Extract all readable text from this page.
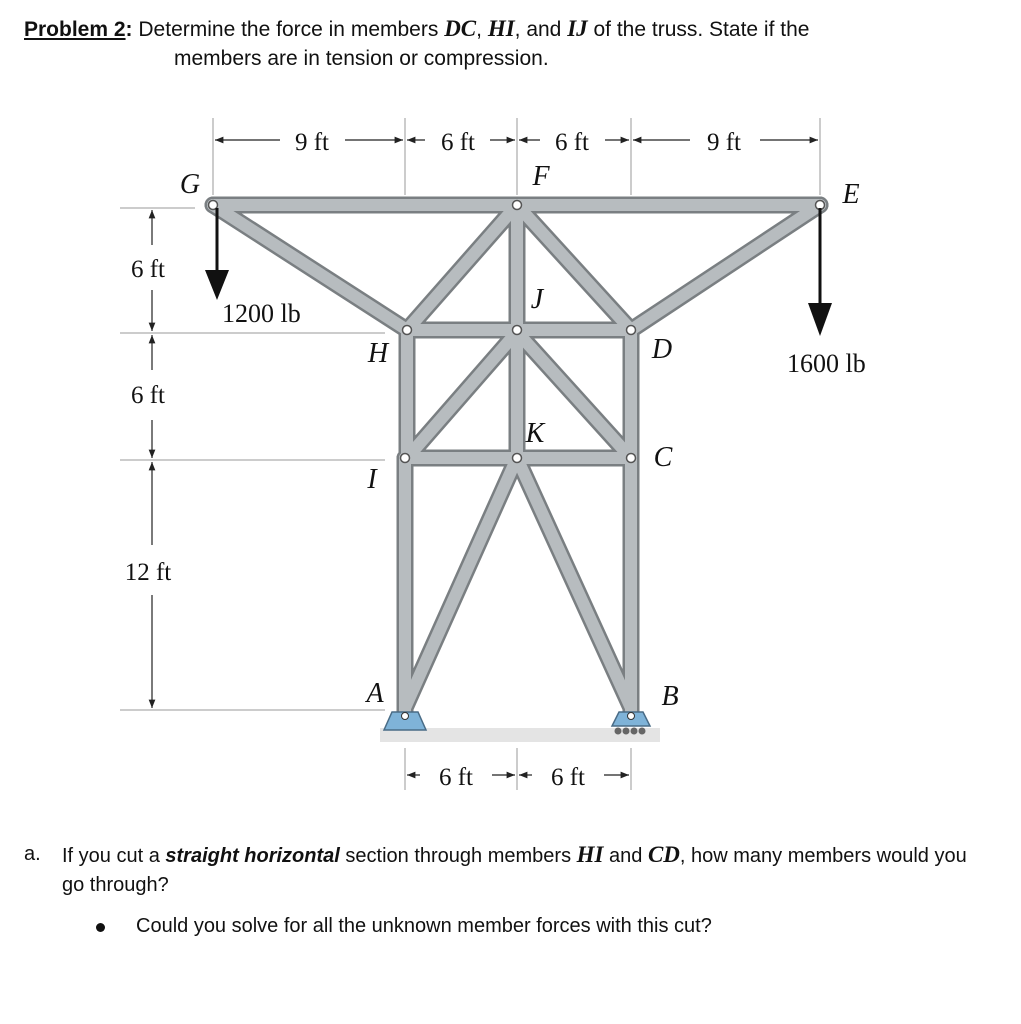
Problem 2: Determine the force in members DC, HI, and IJ of the truss. State if the
members are in tension or compression.
9 ft	6 ft	6 ft	9 ft
6 ft
6 ft
12 ft
6 ft	6 ft
G	F
E
J
H	D
K
I
C
A	B
1200 lb
1600 lb
a. If you cut a straight horizontal section through members HI and CD, how many members would you go through?
Could you solve for all the unknown member forces with this cut?
